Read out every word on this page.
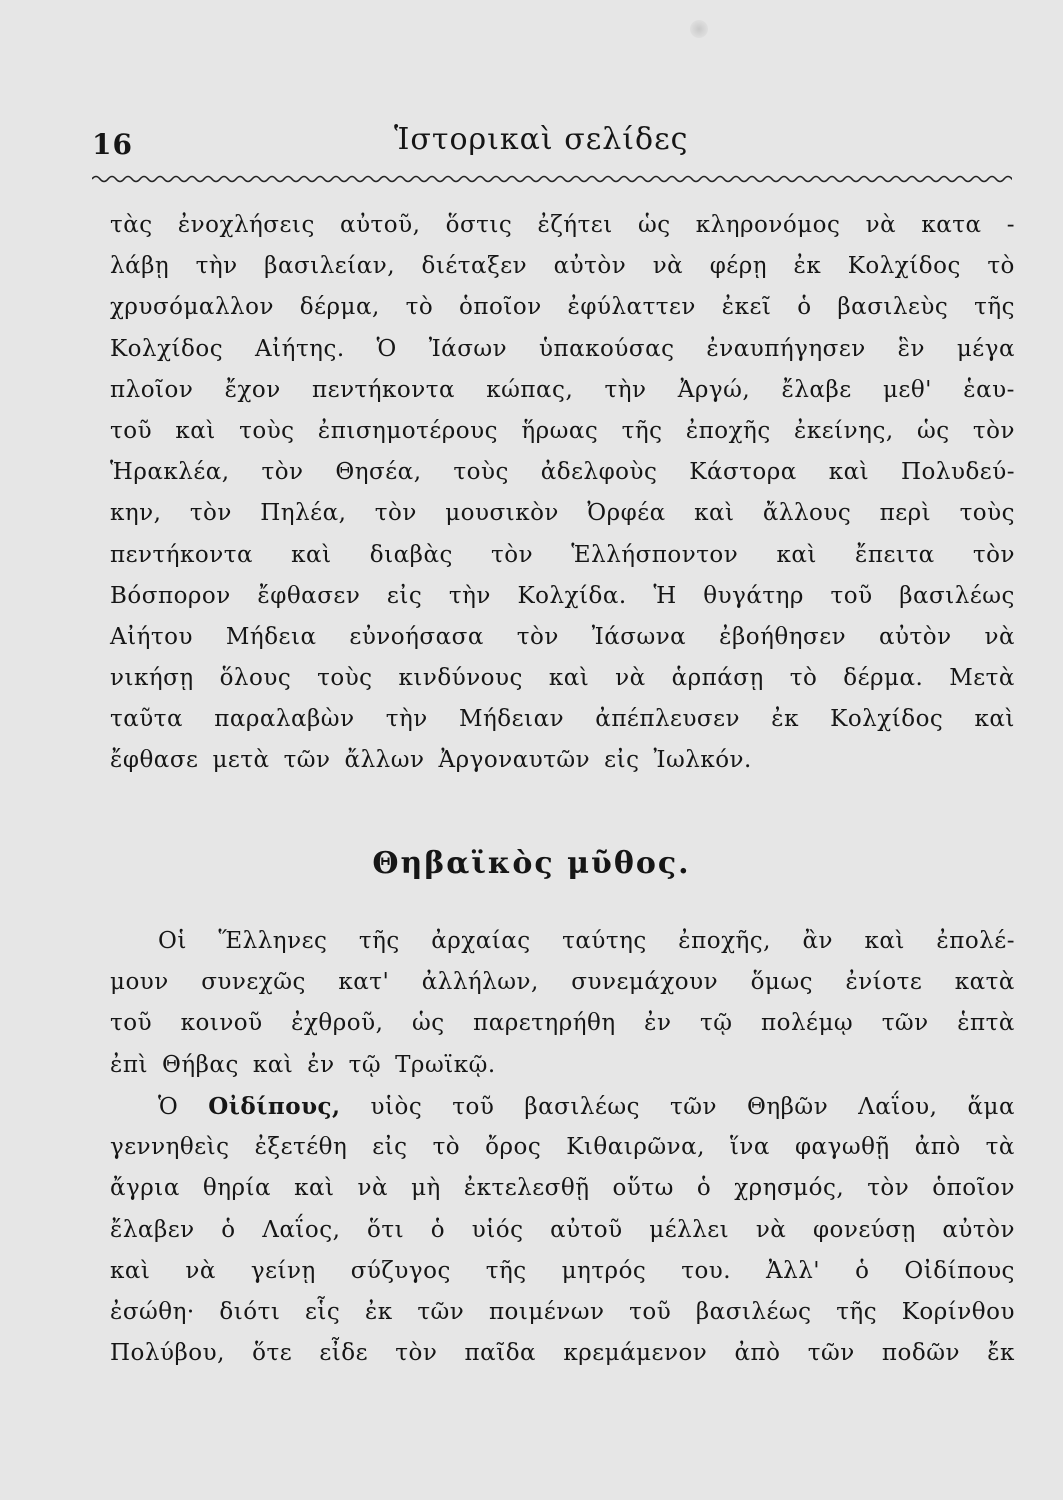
16	Ἱστορικαὶ σελίδες
τὰς ἐνοχλήσεις αὐτοῦ, ὅστις ἐζήτει ὡς κληρονόμος νὰ κατα -
λάβῃ τὴν βασιλείαν, διέταξεν αὐτὸν νὰ φέρῃ ἐκ Κολχίδος τὸ
χρυσόμαλλον δέρμα, τὸ ὁποῖον ἐφύλαττεν ἐκεῖ ὁ βασιλεὺς τῆς
Κολχίδος Αἰήτης. Ὁ Ἰάσων ὑπακούσας ἐναυπήγησεν ἓν μέγα
πλοῖον ἔχον πεντήκοντα κώπας, τὴν Ἀργώ, ἔλαβε μεθ' ἑαυ-
τοῦ καὶ τοὺς ἐπισημοτέρους ἥρωας τῆς ἐποχῆς ἐκείνης, ὡς τὸν
Ἡρακλέα, τὸν Θησέα, τοὺς ἀδελφοὺς Κάστορα καὶ Πολυδεύ-
κην, τὸν Πηλέα, τὸν μουσικὸν Ὀρφέα καὶ ἄλλους περὶ τοὺς
πεντήκοντα καὶ διαβὰς τὸν Ἑλλήσποντον καὶ ἔπειτα τὸν
Βόσπορον ἔφθασεν εἰς τὴν Κολχίδα. Ἡ θυγάτηρ τοῦ βασιλέως
Αἰήτου Μήδεια εὐνοήσασα τὸν Ἰάσωνα ἐβοήθησεν αὐτὸν νὰ
νικήσῃ ὅλους τοὺς κινδύνους καὶ νὰ ἁρπάσῃ τὸ δέρμα. Μετὰ
ταῦτα παραλαβὼν τὴν Μήδειαν ἀπέπλευσεν ἐκ Κολχίδος καὶ
ἔφθασε μετὰ τῶν ἄλλων Ἀργοναυτῶν εἰς Ἰωλκόν.
Θηβαϊκὸς μῦθος.
Οἱ Ἕλληνες τῆς ἀρχαίας ταύτης ἐποχῆς, ἂν καὶ ἐπολέ-
μουν συνεχῶς κατ' ἀλλήλων, συνεμάχουν ὅμως ἐνίοτε κατὰ
τοῦ κοινοῦ ἐχθροῦ, ὡς παρετηρήθη ἐν τῷ πολέμῳ τῶν ἑπτὰ
ἐπὶ Θήβας καὶ ἐν τῷ Τρωϊκῷ.
Ὁ Οἰδίπους, υἱὸς τοῦ βασιλέως τῶν Θηβῶν Λαΐου, ἅμα
γεννηθεὶς ἐξετέθη εἰς τὸ ὄρος Κιθαιρῶνα, ἵνα φαγωθῇ ἀπὸ τὰ
ἄγρια θηρία καὶ νὰ μὴ ἐκτελεσθῇ οὕτω ὁ χρησμός, τὸν ὁποῖον
ἔλαβεν ὁ Λαΐος, ὅτι ὁ υἱός αὐτοῦ μέλλει νὰ φονεύσῃ αὐτὸν
καὶ νὰ γείνῃ σύζυγος τῆς μητρός του. Ἀλλ' ὁ Οἰδίπους
ἐσώθη· διότι εἷς ἐκ τῶν ποιμένων τοῦ βασιλέως τῆς Κορίνθου
Πολύβου, ὅτε εἶδε τὸν παῖδα κρεμάμενον ἀπὸ τῶν ποδῶν ἔκ
